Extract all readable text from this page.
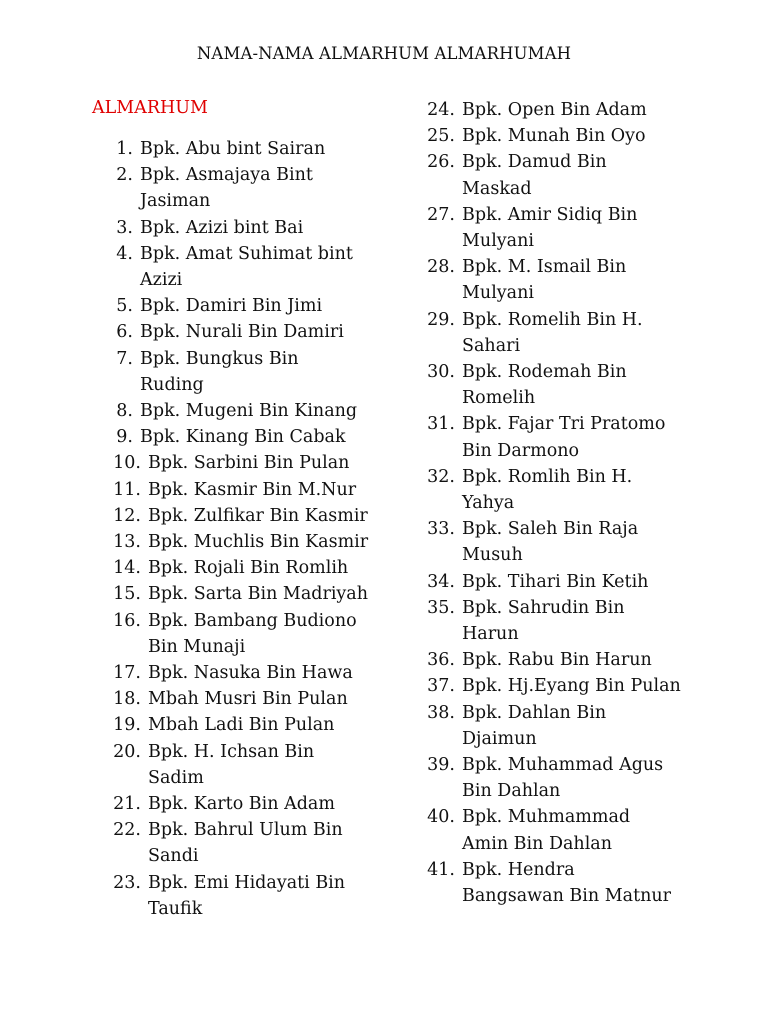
NAMA-NAMA ALMARHUM ALMARHUMAH
ALMARHUM
1. Bpk. Abu bint Sairan
2. Bpk. Asmajaya Bint
Jasiman
3. Bpk. Azizi bint Bai
4. Bpk. Amat Suhimat bint
Azizi
5. Bpk. Damiri Bin Jimi
6. Bpk. Nurali Bin Damiri
7. Bpk. Bungkus Bin
Ruding
8. Bpk. Mugeni Bin Kinang
9. Bpk. Kinang Bin Cabak
10. Bpk. Sarbini Bin Pulan
11. Bpk. Kasmir Bin M.Nur
12. Bpk. Zulfikar Bin Kasmir
13. Bpk. Muchlis Bin Kasmir
14. Bpk. Rojali Bin Romlih
15. Bpk. Sarta Bin Madriyah
16. Bpk. Bambang Budiono
Bin Munaji
17. Bpk. Nasuka Bin Hawa
18. Mbah Musri Bin Pulan
19. Mbah Ladi Bin Pulan
20. Bpk. H. Ichsan Bin
Sadim
21. Bpk. Karto Bin Adam
22. Bpk. Bahrul Ulum Bin
Sandi
23. Bpk. Emi Hidayati Bin
Taufik
24. Bpk. Open Bin Adam
25. Bpk. Munah Bin Oyo
26. Bpk. Damud Bin
Maskad
27. Bpk. Amir Sidiq Bin
Mulyani
28. Bpk. M. Ismail Bin
Mulyani
29. Bpk. Romelih Bin H.
Sahari
30. Bpk. Rodemah Bin
Romelih
31. Bpk. Fajar Tri Pratomo
Bin Darmono
32. Bpk. Romlih Bin H.
Yahya
33. Bpk. Saleh Bin Raja
Musuh
34. Bpk. Tihari Bin Ketih
35. Bpk. Sahrudin Bin
Harun
36. Bpk. Rabu Bin Harun
37. Bpk. Hj.Eyang Bin Pulan
38. Bpk. Dahlan Bin
Djaimun
39. Bpk. Muhammad Agus
Bin Dahlan
40. Bpk. Muhmammad
Amin Bin Dahlan
41. Bpk. Hendra
Bangsawan Bin Matnur
